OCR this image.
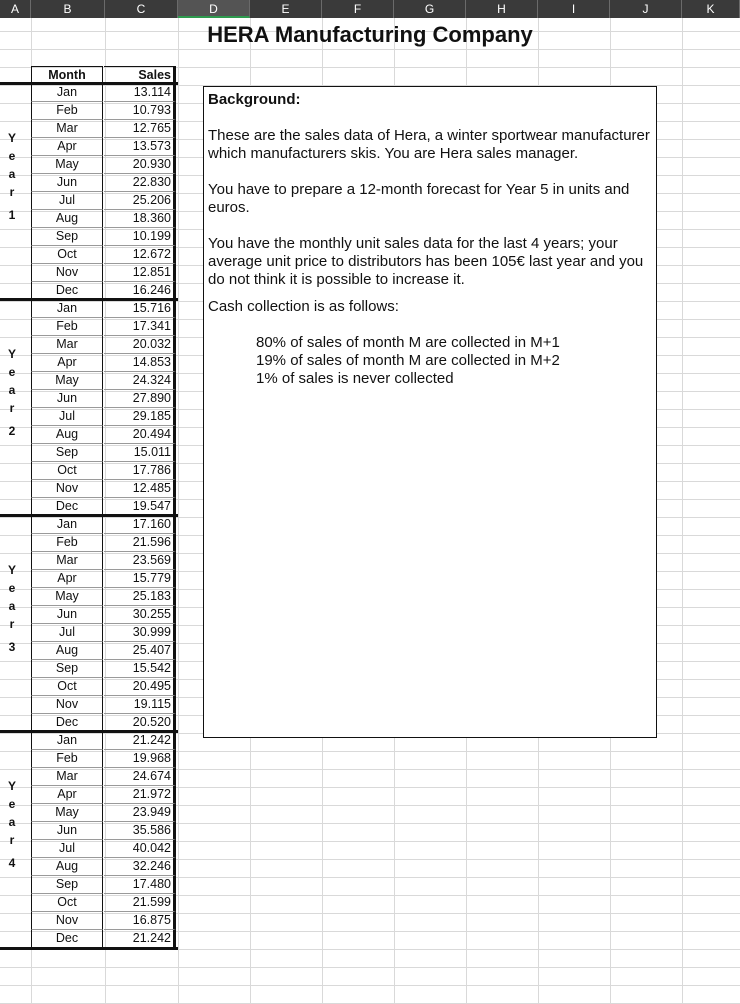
A	B	C	D	E	F	G	H	I	J	K
HERA Manufacturing Company
Month	Sales
Jan	13.114
Feb	10.793
Mar	12.765
Apr	13.573
May	20.930
Jun	22.830
Jul	25.206
Aug	18.360
Sep	10.199
Oct	12.672
Nov	12.851
Dec	16.246
Y
e
a
r
1
Jan	15.716
Feb	17.341
Mar	20.032
Apr	14.853
May	24.324
Jun	27.890
Jul	29.185
Aug	20.494
Sep	15.011
Oct	17.786
Nov	12.485
Dec	19.547
Y
e
a
r
2
Jan	17.160
Feb	21.596
Mar	23.569
Apr	15.779
May	25.183
Jun	30.255
Jul	30.999
Aug	25.407
Sep	15.542
Oct	20.495
Nov	19.115
Dec	20.520
Y
e
a
r
3
Jan	21.242
Feb	19.968
Mar	24.674
Apr	21.972
May	23.949
Jun	35.586
Jul	40.042
Aug	32.246
Sep	17.480
Oct	21.599
Nov	16.875
Dec	21.242
Y
e
a
r
4

Background:

These are the sales data of Hera, a winter sportwear manufacturer which manufacturers skis. You are Hera sales manager.

You have to prepare a 12-month forecast for Year 5 in units and euros.

You have the monthly unit sales data for the last 4 years; your average unit price to distributors has been 105€ last year and you do not think it is possible to increase it.

Cash collection is as follows:

80% of sales of month M are collected in M+1

19% of sales of month M are collected in M+2

1% of sales is never collected
